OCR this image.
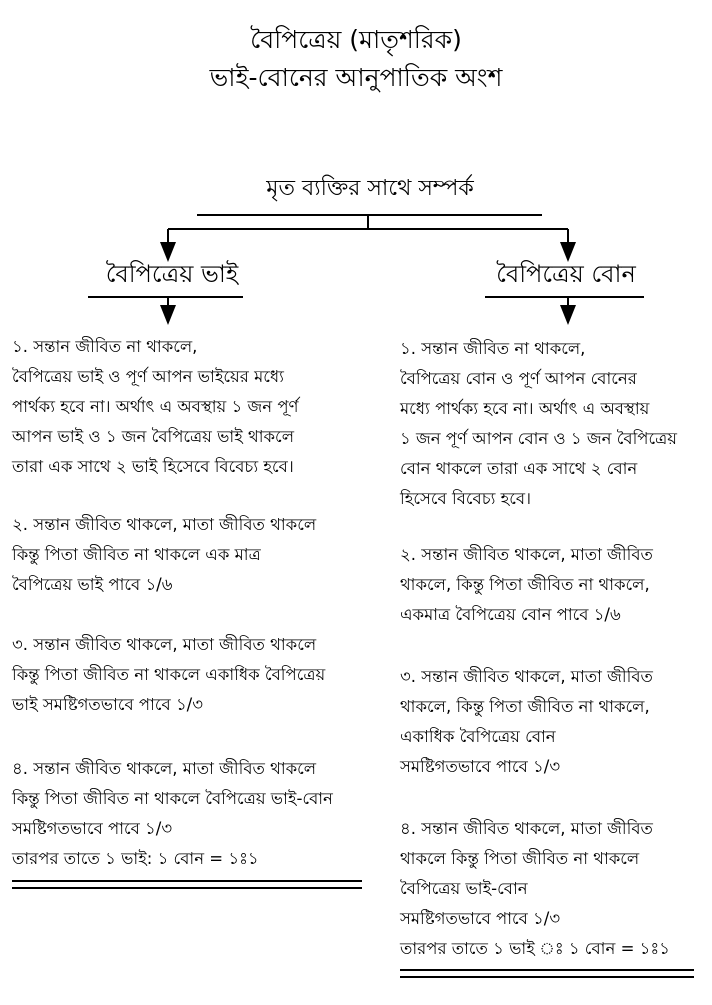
বৈপিত্রেয় (মাতৃশরিক)
ভাই-বোনের আনুপাতিক অংশ
মৃত ব্যক্তির সাথে সম্পর্ক
বৈপিত্রেয় ভাই	বৈপিত্রেয় বোন
১. সন্তান জীবিত না থাকলে,
বৈপিত্রেয় ভাই ও পূর্ণ আপন ভাইয়ের মধ্যে
পার্থক্য হবে না। অর্থাৎ এ অবস্থায় ১ জন পূর্ণ
আপন ভাই ও ১ জন বৈপিত্রেয় ভাই থাকলে
তারা এক সাথে ২ ভাই হিসেবে বিবেচ্য হবে।
২. সন্তান জীবিত থাকলে, মাতা জীবিত থাকলে
কিন্তু পিতা জীবিত না থাকলে এক মাত্র
বৈপিত্রেয় ভাই পাবে ১/৬
৩. সন্তান জীবিত থাকলে, মাতা জীবিত থাকলে
কিন্তু পিতা জীবিত না থাকলে একাধিক বৈপিত্রেয়
ভাই সমষ্টিগতভাবে পাবে ১/৩
৪. সন্তান জীবিত থাকলে, মাতা জীবিত থাকলে
কিন্তু পিতা জীবিত না থাকলে বৈপিত্রেয় ভাই-বোন
সমষ্টিগতভাবে পাবে ১/৩
তারপর তাতে ১ ভাই: ১ বোন = ১ঃ১
১. সন্তান জীবিত না থাকলে,
বৈপিত্রেয় বোন ও পূর্ণ আপন বোনের
মধ্যে পার্থক্য হবে না। অর্থাৎ এ অবস্থায়
১ জন পূর্ণ আপন বোন ও ১ জন বৈপিত্রেয়
বোন থাকলে তারা এক সাথে ২ বোন
হিসেবে বিবেচ্য হবে।
২. সন্তান জীবিত থাকলে, মাতা জীবিত
থাকলে, কিন্তু পিতা জীবিত না থাকলে,
একমাত্র বৈপিত্রেয় বোন পাবে ১/৬
৩. সন্তান জীবিত থাকলে, মাতা জীবিত
থাকলে, কিন্তু পিতা জীবিত না থাকলে,
একাধিক বৈপিত্রেয় বোন
সমষ্টিগতভাবে পাবে ১/৩
৪. সন্তান জীবিত থাকলে, মাতা জীবিত
থাকলে কিন্তু পিতা জীবিত না থাকলে
বৈপিত্রেয় ভাই-বোন
সমষ্টিগতভাবে পাবে ১/৩
তারপর তাতে ১ ভাই ঃ ১ বোন = ১ঃ১
